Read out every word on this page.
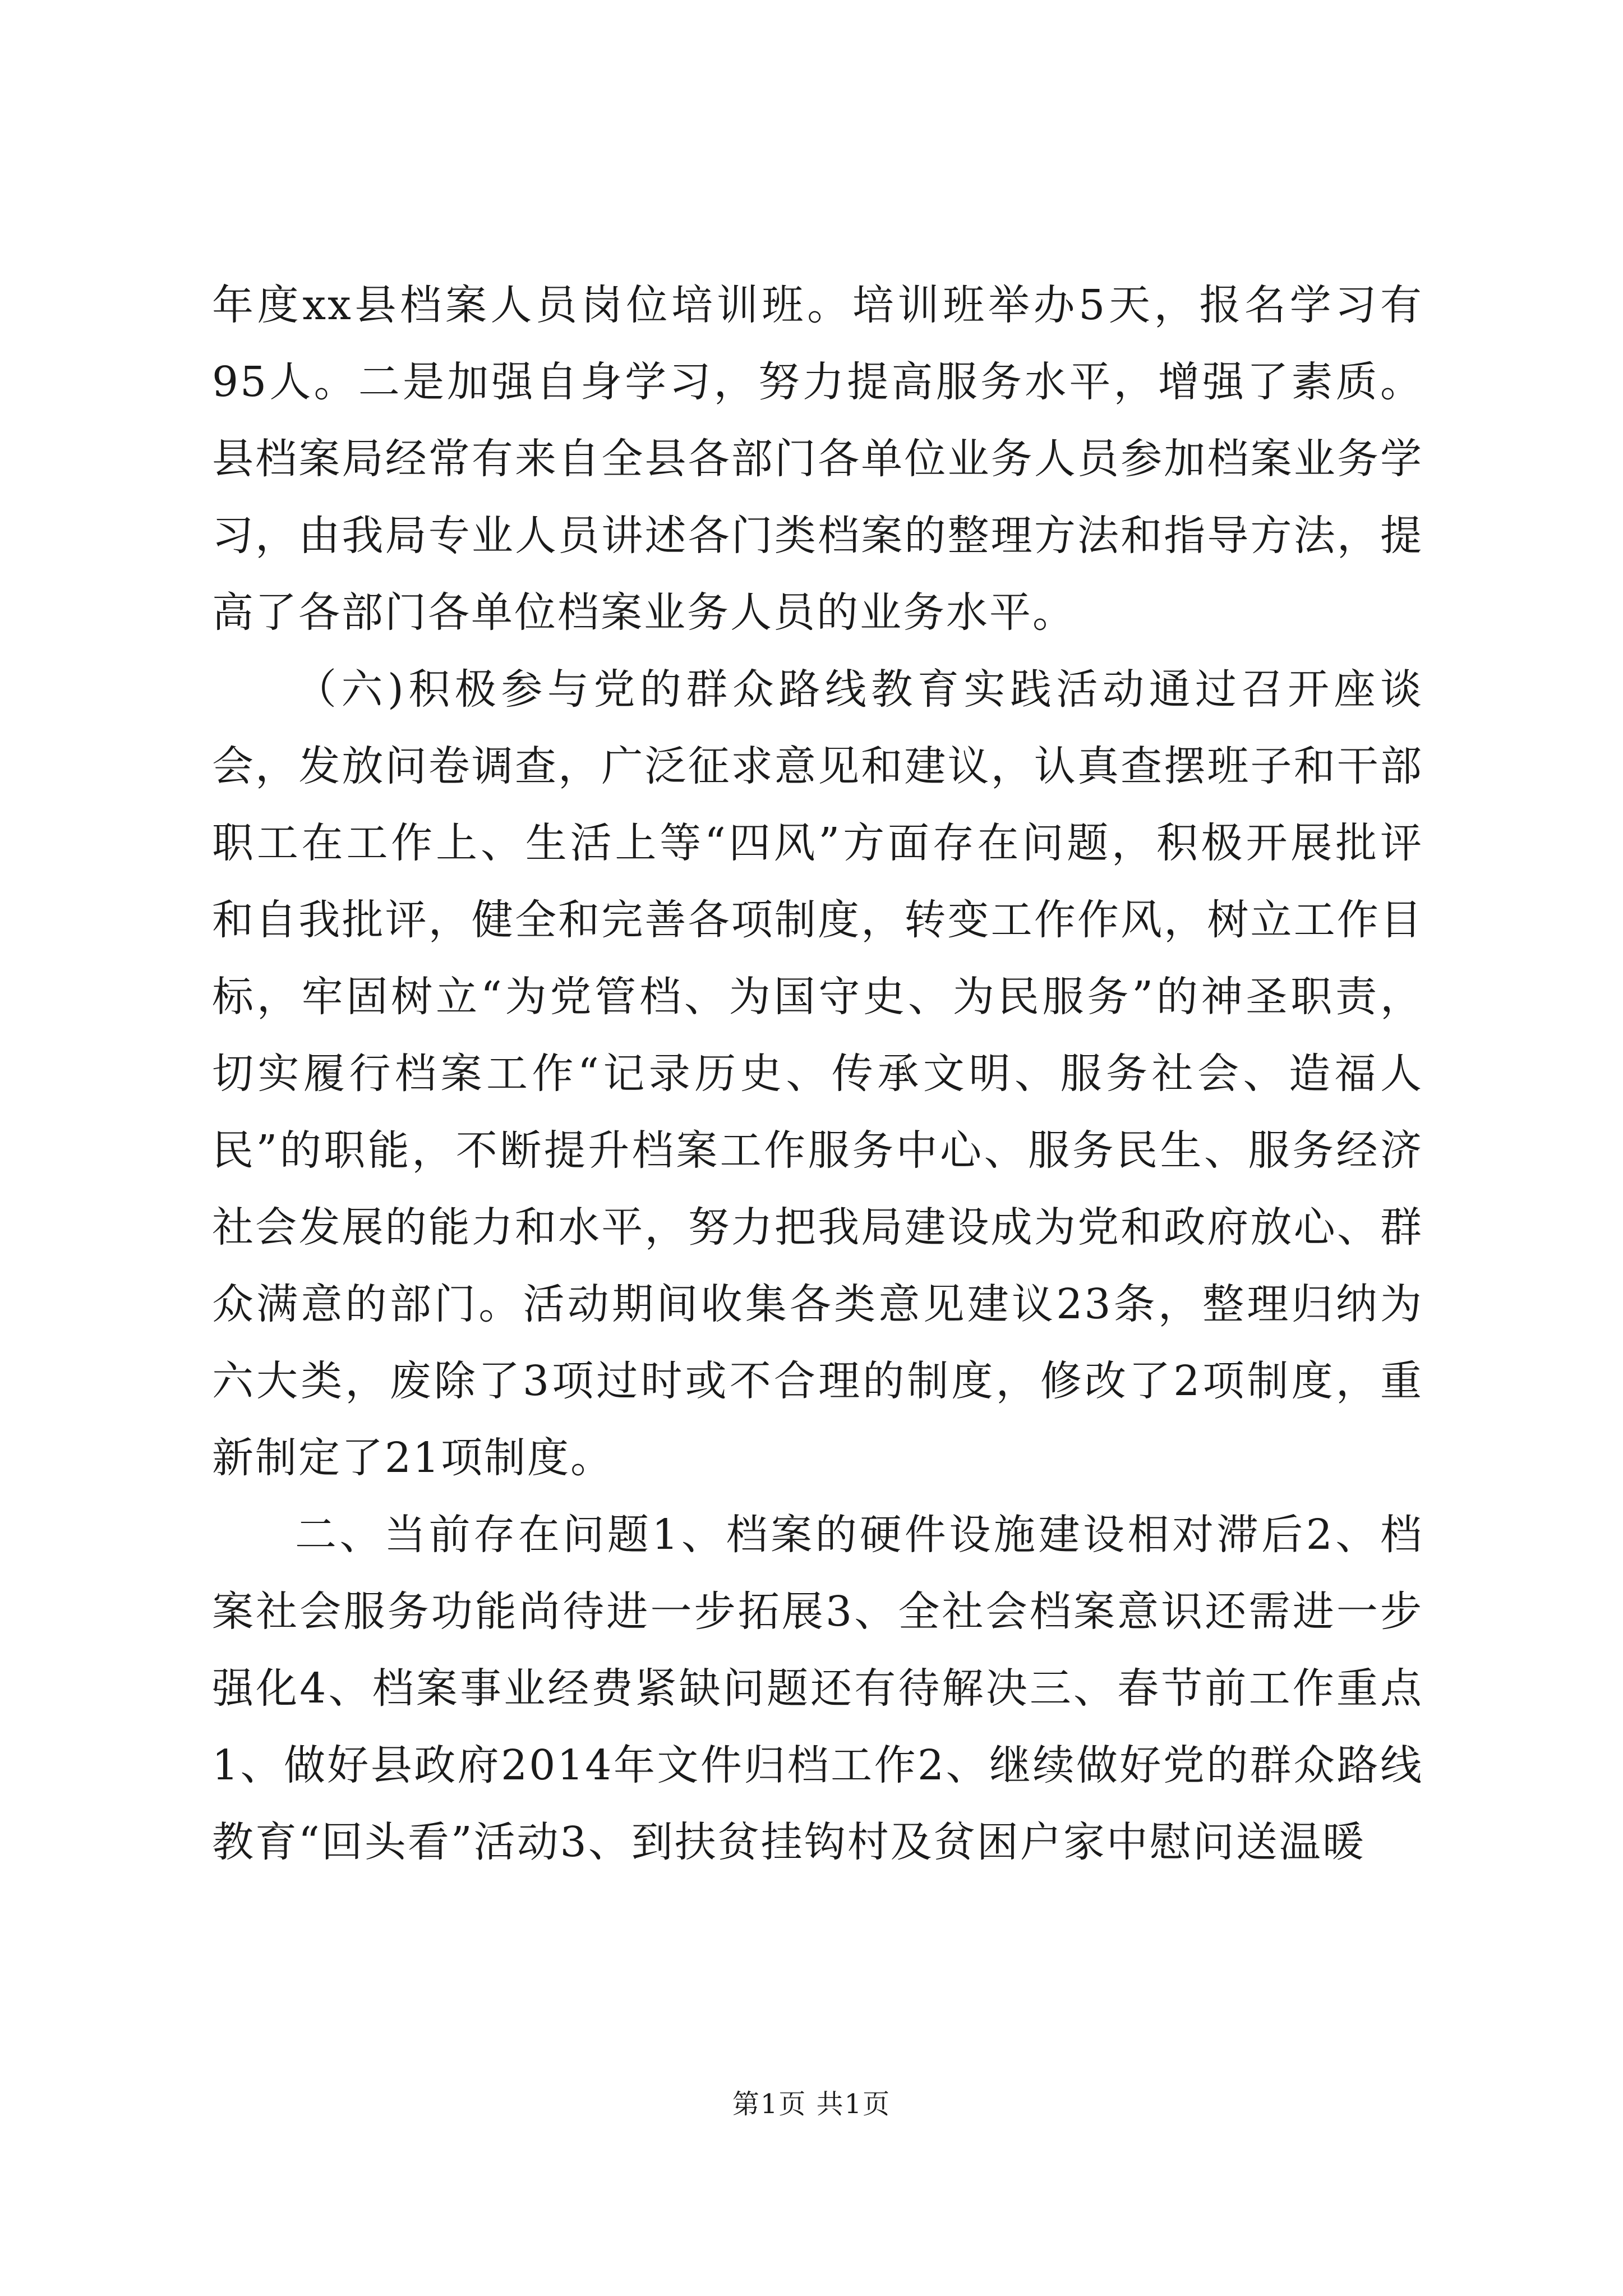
年度xx县档案人员岗位培训班。培训班举办5天，报名学习有95人。二是加强自身学习，努力提高服务水平，增强了素质。县档案局经常有来自全县各部门各单位业务人员参加档案业务学习，由我局专业人员讲述各门类档案的整理方法和指导方法，提高了各部门各单位档案业务人员的业务水平。

（六)积极参与党的群众路线教育实践活动通过召开座谈会，发放问卷调查，广泛征求意见和建议，认真查摆班子和干部职工在工作上、生活上等“四风”方面存在问题，积极开展批评和自我批评，健全和完善各项制度，转变工作作风，树立工作目标，牢固树立“为党管档、为国守史、为民服务”的神圣职责，切实履行档案工作“记录历史、传承文明、服务社会、造福人民”的职能，不断提升档案工作服务中心、服务民生、服务经济社会发展的能力和水平，努力把我局建设成为党和政府放心、群众满意的部门。活动期间收集各类意见建议23条，整理归纳为六大类，废除了3项过时或不合理的制度，修改了2项制度，重新制定了21项制度。

二、当前存在问题1、档案的硬件设施建设相对滞后2、档案社会服务功能尚待进一步拓展3、全社会档案意识还需进一步强化4、档案事业经费紧缺问题还有待解决三、春节前工作重点1、做好县政府2014年文件归档工作2、继续做好党的群众路线教育“回头看”活动3、到扶贫挂钩村及贫困户家中慰问送温暖

第1页 共1页
